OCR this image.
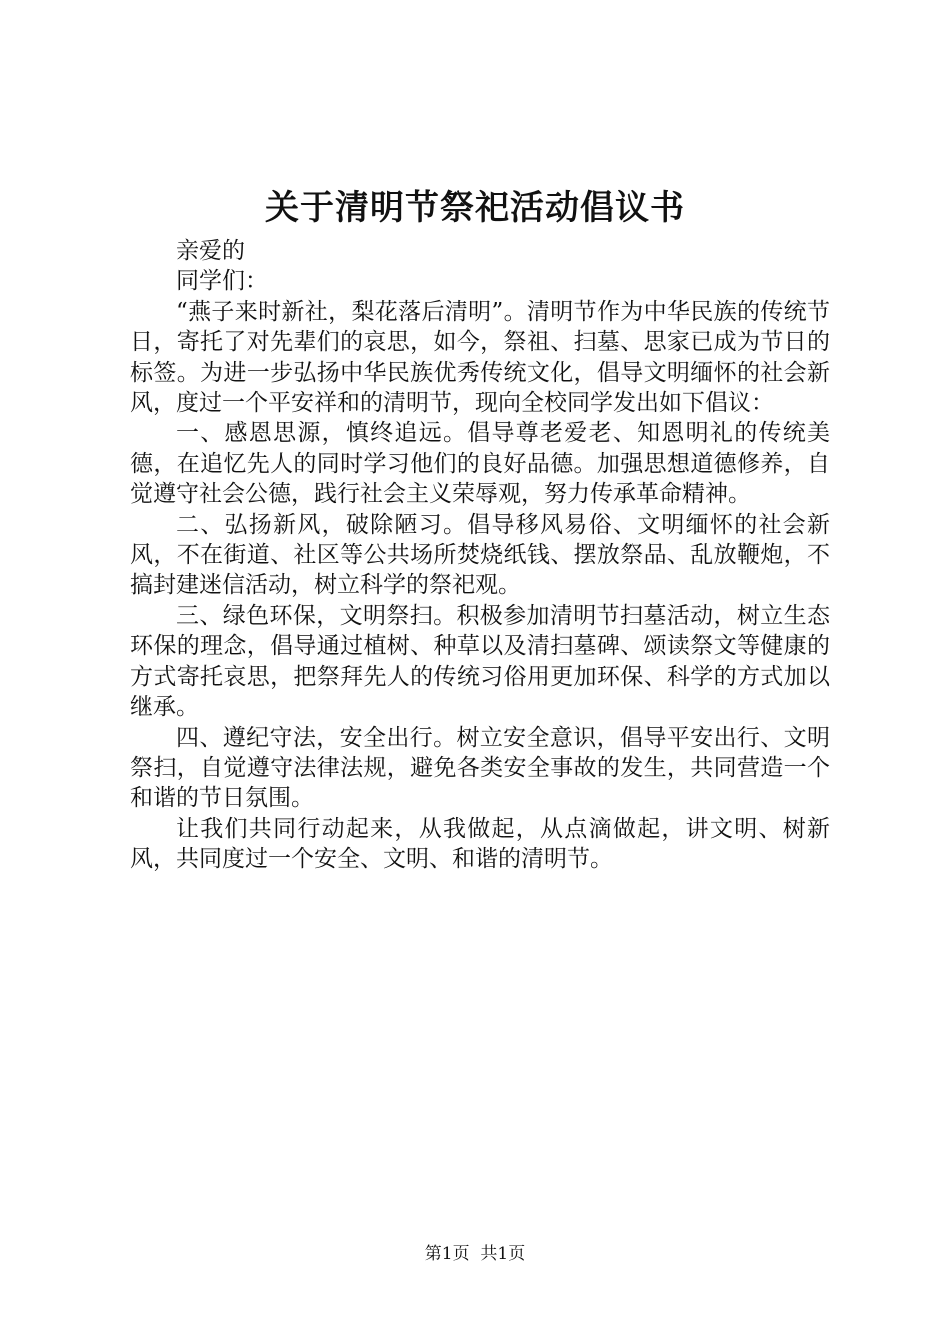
关于清明节祭祀活动倡议书

亲爱的

同学们：

“燕子来时新社，梨花落后清明”。清明节作为中华民族的传统节日，寄托了对先辈们的哀思，如今，祭祖、扫墓、思家已成为节日的标签。为进一步弘扬中华民族优秀传统文化，倡导文明缅怀的社会新风，度过一个平安祥和的清明节，现向全校同学发出如下倡议：

一、感恩思源，慎终追远。倡导尊老爱老、知恩明礼的传统美德，在追忆先人的同时学习他们的良好品德。加强思想道德修养，自觉遵守社会公德，践行社会主义荣辱观，努力传承革命精神。

二、弘扬新风，破除陋习。倡导移风易俗、文明缅怀的社会新风，不在街道、社区等公共场所焚烧纸钱、摆放祭品、乱放鞭炮，不搞封建迷信活动，树立科学的祭祀观。

三、绿色环保，文明祭扫。积极参加清明节扫墓活动，树立生态环保的理念，倡导通过植树、种草以及清扫墓碑、颂读祭文等健康的方式寄托哀思，把祭拜先人的传统习俗用更加环保、科学的方式加以继承。

四、遵纪守法，安全出行。树立安全意识，倡导平安出行、文明祭扫，自觉遵守法律法规，避免各类安全事故的发生，共同营造一个和谐的节日氛围。

让我们共同行动起来，从我做起，从点滴做起，讲文明、树新风，共同度过一个安全、文明、和谐的清明节。

第1页 共1页
